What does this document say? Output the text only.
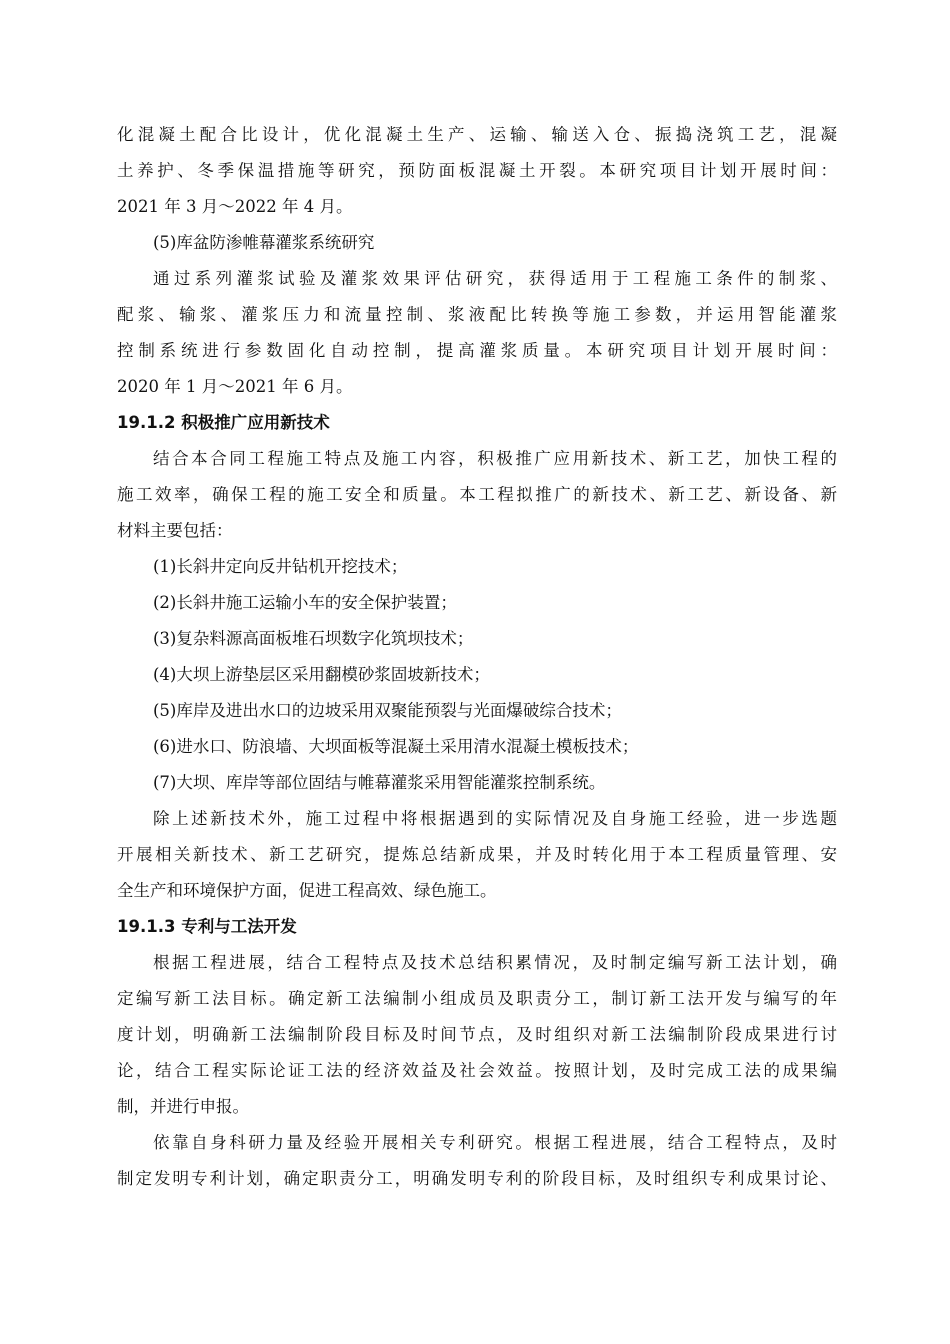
化混凝土配合比设计，优化混凝土生产、运输、输送入仓、振捣浇筑工艺，混凝
土养护、冬季保温措施等研究，预防面板混凝土开裂。本研究项目计划开展时间：
2021 年 3 月～2022 年 4 月。
(5)库盆防渗帷幕灌浆系统研究
通过系列灌浆试验及灌浆效果评估研究，获得适用于工程施工条件的制浆、
配浆、输浆、灌浆压力和流量控制、浆液配比转换等施工参数，并运用智能灌浆
控制系统进行参数固化自动控制，提高灌浆质量。本研究项目计划开展时间：
2020 年 1 月～2021 年 6 月。
19.1.2 积极推广应用新技术
结合本合同工程施工特点及施工内容，积极推广应用新技术、新工艺，加快工程的
施工效率，确保工程的施工安全和质量。本工程拟推广的新技术、新工艺、新设备、新
材料主要包括：
(1)长斜井定向反井钻机开挖技术；
(2)长斜井施工运输小车的安全保护装置；
(3)复杂料源高面板堆石坝数字化筑坝技术；
(4)大坝上游垫层区采用翻模砂浆固坡新技术；
(5)库岸及进出水口的边坡采用双聚能预裂与光面爆破综合技术；
(6)进水口、防浪墙、大坝面板等混凝土采用清水混凝土模板技术；
(7)大坝、库岸等部位固结与帷幕灌浆采用智能灌浆控制系统。
除上述新技术外，施工过程中将根据遇到的实际情况及自身施工经验，进一步选题
开展相关新技术、新工艺研究，提炼总结新成果，并及时转化用于本工程质量管理、安
全生产和环境保护方面，促进工程高效、绿色施工。
19.1.3 专利与工法开发
根据工程进展，结合工程特点及技术总结积累情况，及时制定编写新工法计划，确
定编写新工法目标。确定新工法编制小组成员及职责分工，制订新工法开发与编写的年
度计划，明确新工法编制阶段目标及时间节点，及时组织对新工法编制阶段成果进行讨
论，结合工程实际论证工法的经济效益及社会效益。按照计划，及时完成工法的成果编
制，并进行申报。
依靠自身科研力量及经验开展相关专利研究。根据工程进展，结合工程特点，及时
制定发明专利计划，确定职责分工，明确发明专利的阶段目标，及时组织专利成果讨论、
